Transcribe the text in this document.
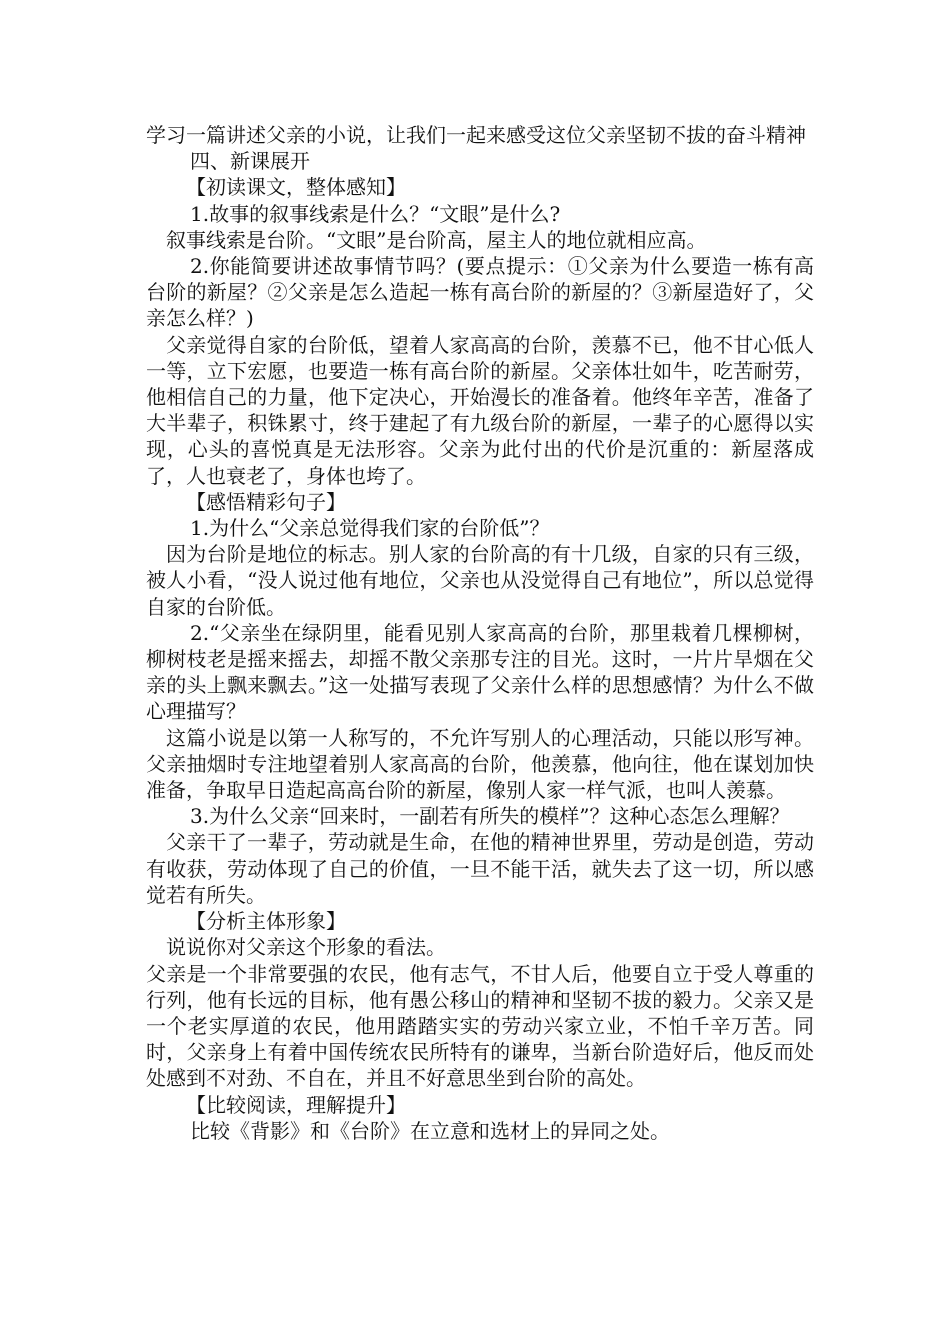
学习一篇讲述父亲的小说，让我们一起来感受这位父亲坚韧不拔的奋斗精神

四、新课展开

【初读课文，整体感知】

1.故事的叙事线索是什么？“文眼”是什么?

叙事线索是台阶。“文眼”是台阶高，屋主人的地位就相应高。

2.你能简要讲述故事情节吗？(要点提示：①父亲为什么要造一栋有高台阶的新屋？②父亲是怎么造起一栋有高台阶的新屋的？③新屋造好了，父亲怎么样？)

父亲觉得自家的台阶低，望着人家高高的台阶，羡慕不已，他不甘心低人一等，立下宏愿，也要造一栋有高台阶的新屋。父亲体壮如牛，吃苦耐劳，他相信自己的力量，他下定决心，开始漫长的准备着。他终年辛苦，准备了大半辈子，积铢累寸，终于建起了有九级台阶的新屋，一辈子的心愿得以实现，心头的喜悦真是无法形容。父亲为此付出的代价是沉重的：新屋落成了，人也衰老了，身体也垮了。

【感悟精彩句子】

1.为什么“父亲总觉得我们家的台阶低”？

因为台阶是地位的标志。别人家的台阶高的有十几级，自家的只有三级，被人小看，“没人说过他有地位，父亲也从没觉得自己有地位”，所以总觉得自家的台阶低。

2.“父亲坐在绿阴里，能看见别人家高高的台阶，那里栽着几棵柳树，柳树枝老是摇来摇去，却摇不散父亲那专注的目光。这时，一片片旱烟在父亲的头上飘来飘去。”这一处描写表现了父亲什么样的思想感情？为什么不做心理描写？

这篇小说是以第一人称写的，不允许写别人的心理活动，只能以形写神。父亲抽烟时专注地望着别人家高高的台阶，他羡慕，他向往，他在谋划加快准备，争取早日造起高高台阶的新屋，像别人家一样气派，也叫人羡慕。

3.为什么父亲“回来时，一副若有所失的模样”？这种心态怎么理解？

父亲干了一辈子，劳动就是生命，在他的精神世界里，劳动是创造，劳动有收获，劳动体现了自己的价值，一旦不能干活，就失去了这一切，所以感觉若有所失。

【分析主体形象】

说说你对父亲这个形象的看法。

父亲是一个非常要强的农民，他有志气，不甘人后，他要自立于受人尊重的行列，他有长远的目标，他有愚公移山的精神和坚韧不拔的毅力。父亲又是一个老实厚道的农民，他用踏踏实实的劳动兴家立业，不怕千辛万苦。同时，父亲身上有着中国传统农民所特有的谦卑，当新台阶造好后，他反而处处感到不对劲、不自在，并且不好意思坐到台阶的高处。

【比较阅读，理解提升】

比较《背影》和《台阶》在立意和选材上的异同之处。
